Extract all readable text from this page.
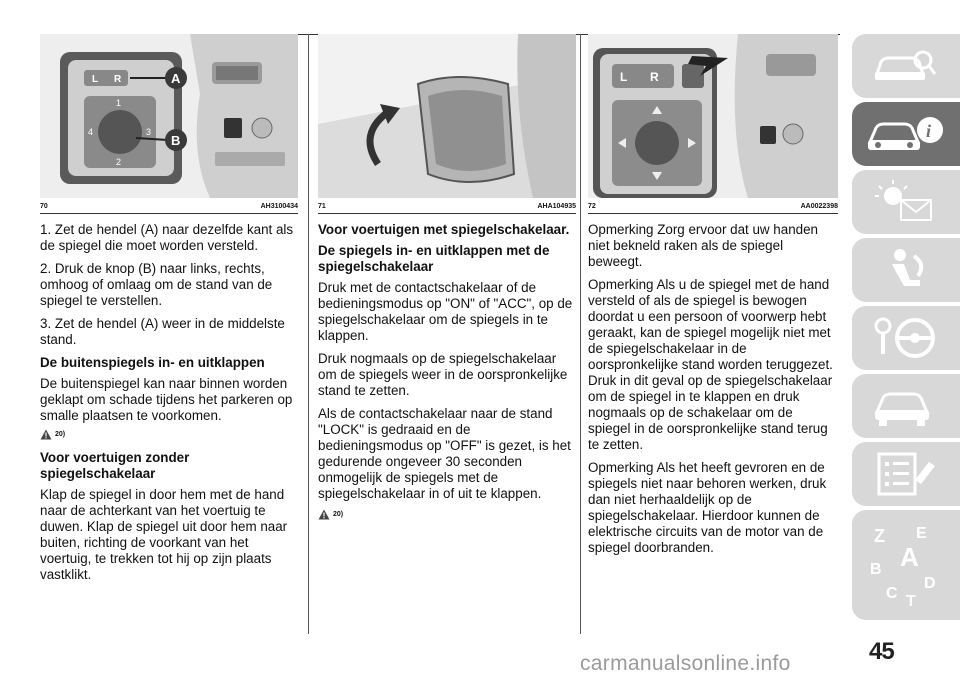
L R
1
2
3
4
A
B
70	AH3100434

1. Zet de hendel (A) naar dezelfde kant als de spiegel die moet worden versteld.

2. Druk de knop (B) naar links, rechts, omhoog of omlaag om de stand van de spiegel te verstellen.

3. Zet de hendel (A) weer in de middelste stand.

De buitenspiegels in- en uitklappen

De buitenspiegel kan naar binnen worden geklapt om schade tijdens het parkeren op smalle plaatsen te voorkomen.

20)
Voor voertuigen zonder spiegelschakelaar

Klap de spiegel in door hem met de hand naar de achterkant van het voertuig te duwen. Klap de spiegel uit door hem naar buiten, richting de voorkant van het voertuig, te trekken tot hij op zijn plaats vastklikt.

71	AHA104935
Voor voertuigen met spiegelschakelaar.
De spiegels in- en uitklappen met de spiegelschakelaar

Druk met de contactschakelaar of de bedieningsmodus op "ON" of "ACC", op de spiegelschakelaar om de spiegels in te klappen.

Druk nogmaals op de spiegelschakelaar om de spiegels weer in de oorspronkelijke stand te zetten.

Als de contactschakelaar naar de stand "LOCK" is gedraaid en de bedieningsmodus op "OFF" is gezet, is het gedurende ongeveer 30 seconden onmogelijk de spiegels met de spiegelschakelaar in of uit te klappen.

20)
L R
72	AA0022398

Opmerking Zorg ervoor dat uw handen niet bekneld raken als de spiegel beweegt.

Opmerking Als u de spiegel met de hand versteld of als de spiegel is bewogen doordat u een persoon of voorwerp hebt geraakt, kan de spiegel mogelijk niet met de spiegelschakelaar in de oorspronkelijke stand worden teruggezet. Druk in dit geval op de spiegelschakelaar om de spiegel in te klappen en druk nogmaals op de schakelaar om de spiegel in de oorspronkelijke stand terug te zetten.

Opmerking Als het heeft gevroren en de spiegels niet naar behoren werken, druk dan niet herhaaldelijk op de spiegelschakelaar. Hierdoor kunnen de elektrische circuits van de motor van de spiegel doorbranden.

i
Z E
B A
C T
D
45
carmanualsonline.info
